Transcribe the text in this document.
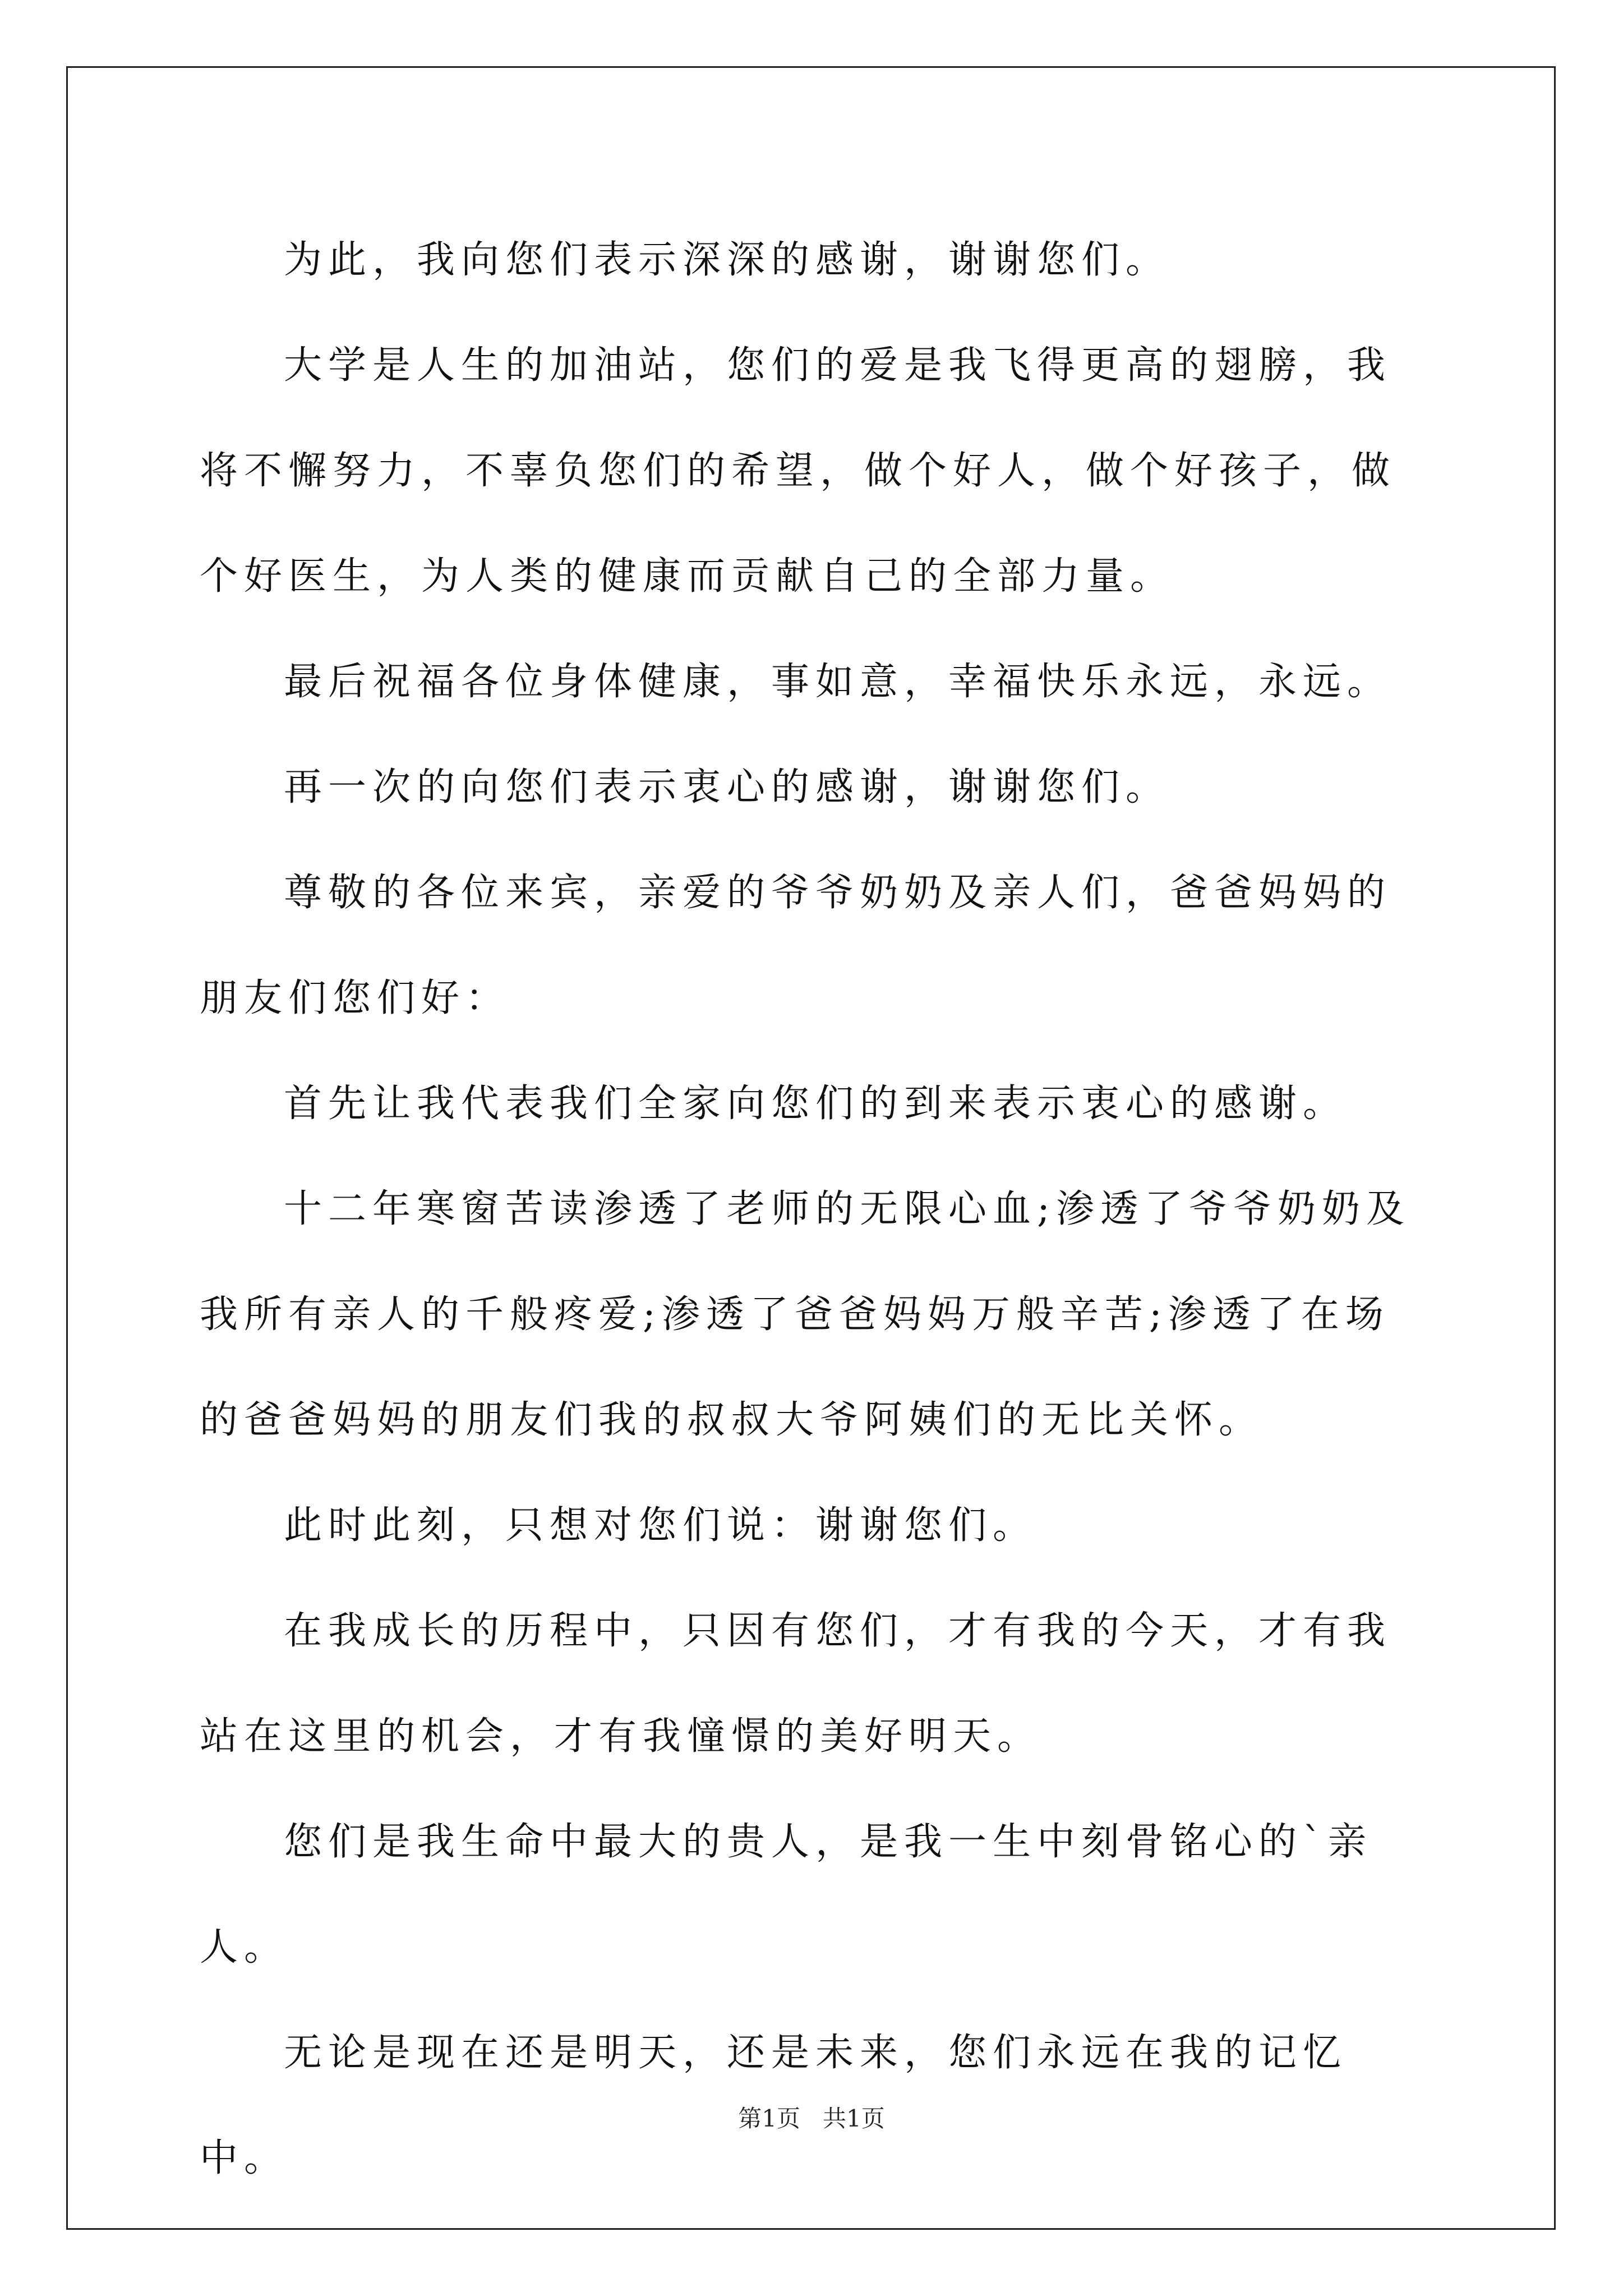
为此，我向您们表示深深的感谢，谢谢您们。

大学是人生的加油站，您们的爱是我飞得更高的翅膀，我将不懈努力，不辜负您们的希望，做个好人，做个好孩子，做个好医生，为人类的健康而贡献自己的全部力量。

最后祝福各位身体健康，事如意，幸福快乐永远，永远。

再一次的向您们表示衷心的感谢，谢谢您们。

尊敬的各位来宾，亲爱的爷爷奶奶及亲人们，爸爸妈妈的朋友们您们好：

首先让我代表我们全家向您们的到来表示衷心的感谢。

十二年寒窗苦读渗透了老师的无限心血;渗透了爷爷奶奶及我所有亲人的千般疼爱;渗透了爸爸妈妈万般辛苦;渗透了在场的爸爸妈妈的朋友们我的叔叔大爷阿姨们的无比关怀。

此时此刻，只想对您们说：谢谢您们。

在我成长的历程中，只因有您们，才有我的今天，才有我站在这里的机会，才有我憧憬的美好明天。

您们是我生命中最大的贵人，是我一生中刻骨铭心的`亲人。

无论是现在还是明天，还是未来，您们永远在我的记忆中。

第1页 共1页
